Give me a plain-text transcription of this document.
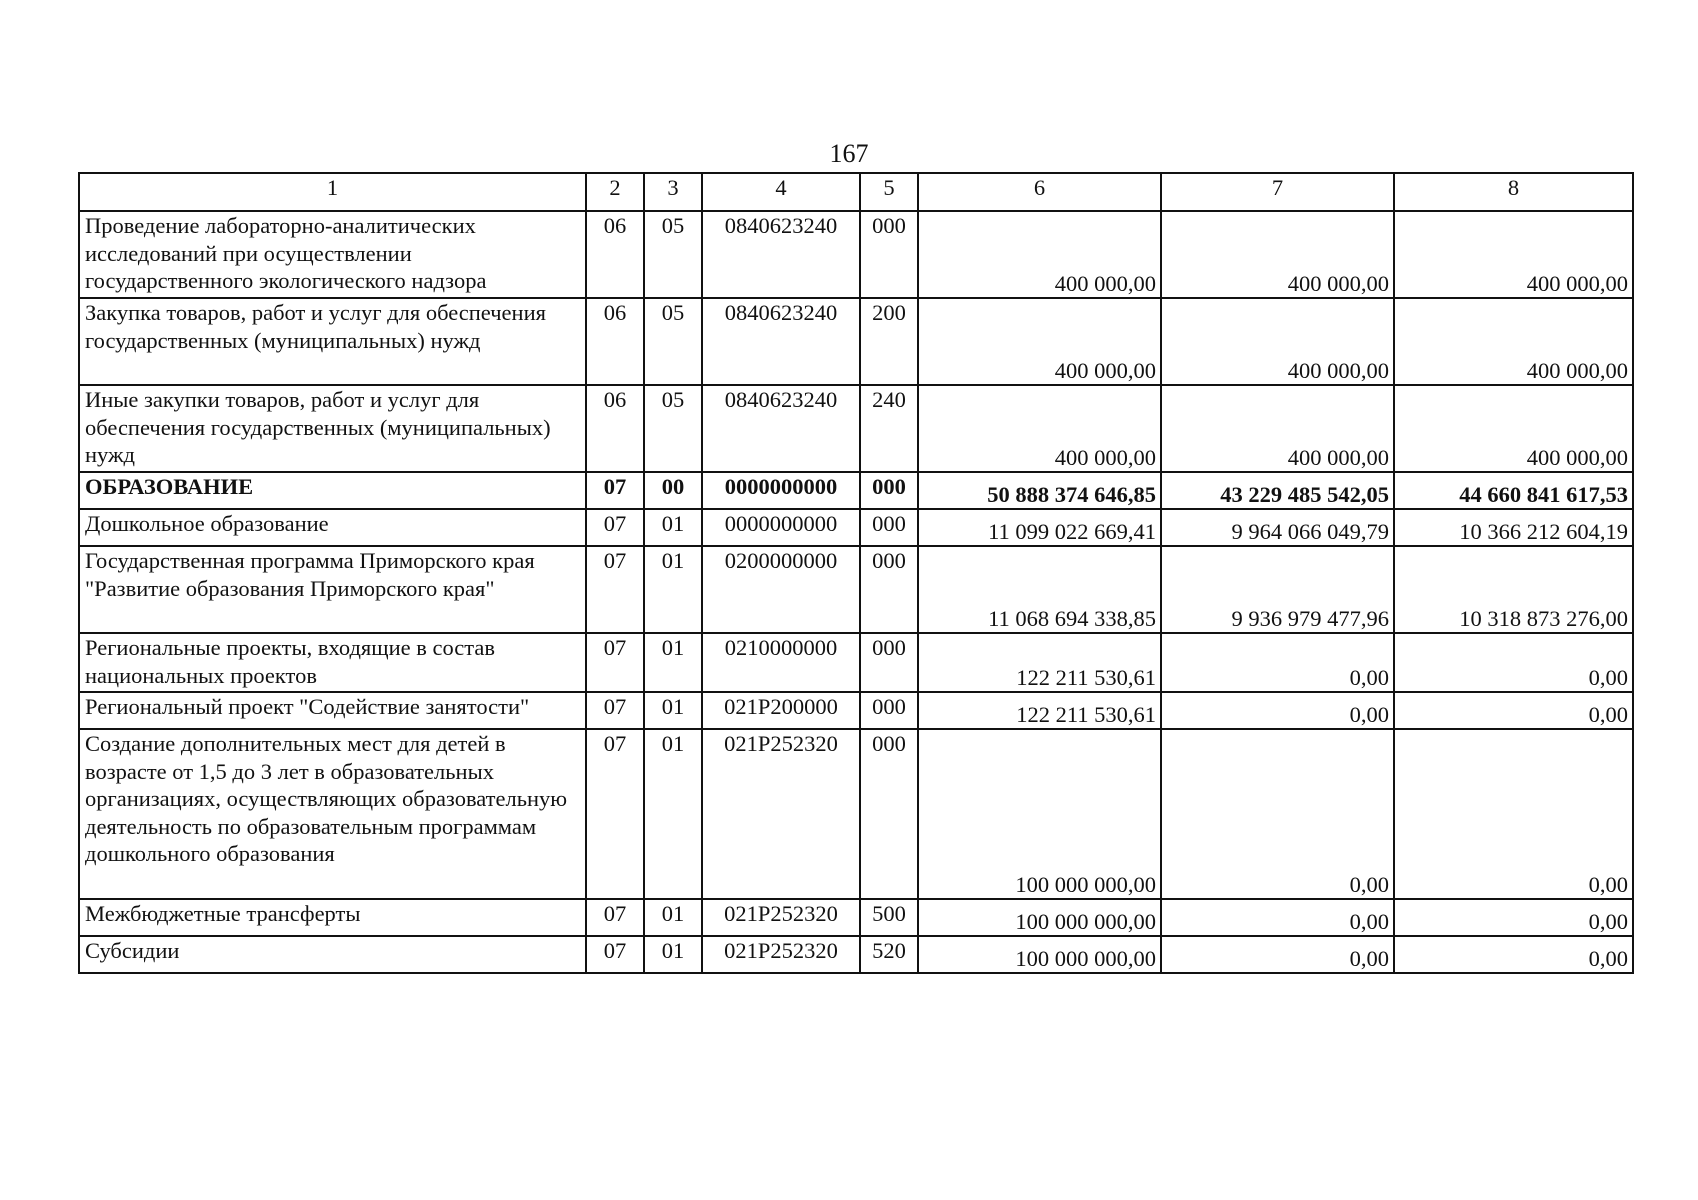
167
1	2	3	4	5	6	7	8
Проведение лабораторно-аналитических исследований при осуществлении государственного экологического надзора	06	05	0840623240	000	400 000,00	400 000,00	400 000,00
Закупка товаров, работ и услуг для обеспечения государственных (муниципальных) нужд	06	05	0840623240	200	400 000,00	400 000,00	400 000,00
Иные закупки товаров, работ и услуг для обеспечения государственных (муниципальных) нужд	06	05	0840623240	240	400 000,00	400 000,00	400 000,00
ОБРАЗОВАНИЕ	07	00	0000000000	000	50 888 374 646,85	43 229 485 542,05	44 660 841 617,53
Дошкольное образование	07	01	0000000000	000	11 099 022 669,41	9 964 066 049,79	10 366 212 604,19
Государственная программа Приморского края "Развитие образования Приморского края"	07	01	0200000000	000	11 068 694 338,85	9 936 979 477,96	10 318 873 276,00
Региональные проекты, входящие в состав национальных проектов	07	01	0210000000	000	122 211 530,61	0,00	0,00
Региональный проект "Содействие занятости"	07	01	021P200000	000	122 211 530,61	0,00	0,00
Создание дополнительных мест для детей в возрасте от 1,5 до 3 лет в образовательных организациях, осуществляющих образовательную деятельность по образовательным программам дошкольного образования	07	01	021P252320	000	100 000 000,00	0,00	0,00
Межбюджетные трансферты	07	01	021P252320	500	100 000 000,00	0,00	0,00
Субсидии	07	01	021P252320	520	100 000 000,00	0,00	0,00
